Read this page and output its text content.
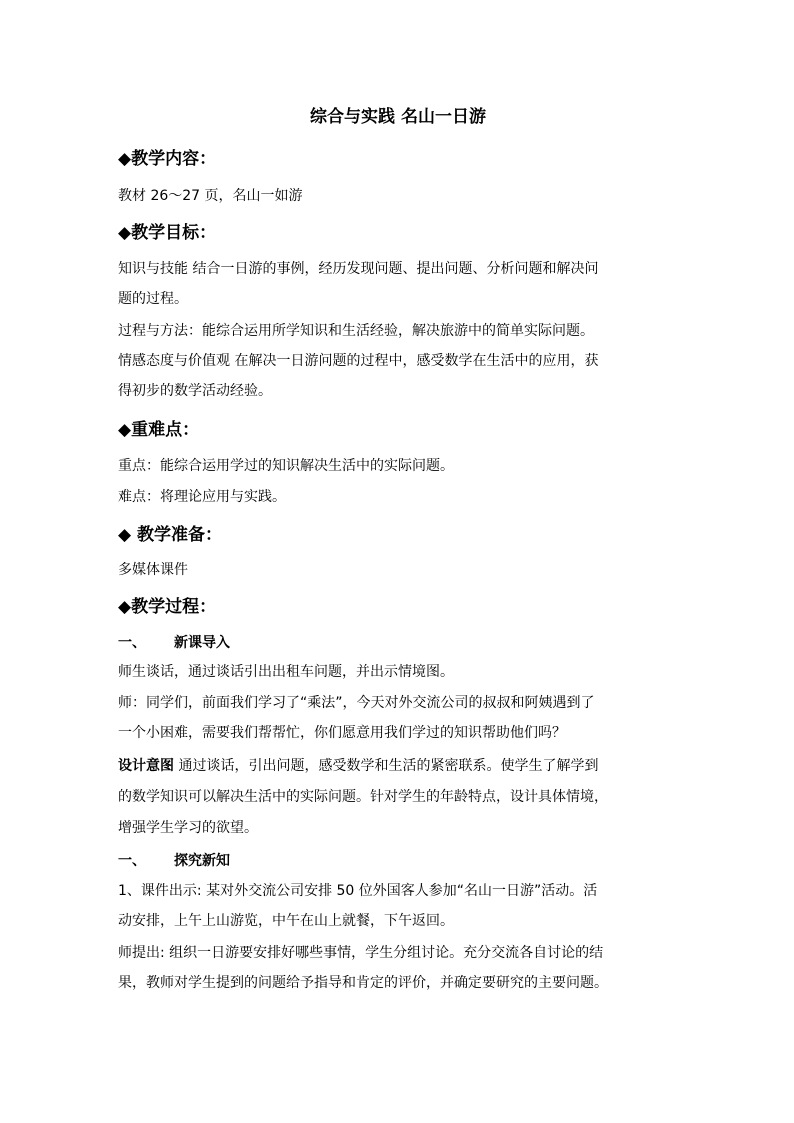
综合与实践 名山一日游
◆教学内容：
教材 26～27 页，名山一如游
◆教学目标：
知识与技能 结合一日游的事例，经历发现问题、提出问题、分析问题和解决问
题的过程。
过程与方法：能综合运用所学知识和生活经验，解决旅游中的简单实际问题。
情感态度与价值观 在解决一日游问题的过程中，感受数学在生活中的应用，获
得初步的数学活动经验。
◆重难点：
重点：能综合运用学过的知识解决生活中的实际问题。
难点：将理论应用与实践。
◆ 教学准备：
多媒体课件
◆教学过程：
一、 新课导入
师生谈话，通过谈话引出出租车问题，并出示情境图。
师：同学们，前面我们学习了“乘法”，今天对外交流公司的叔叔和阿姨遇到了
一个小困难，需要我们帮帮忙，你们愿意用我们学过的知识帮助他们吗？
设计意图 通过谈话，引出问题，感受数学和生活的紧密联系。使学生了解学到
的数学知识可以解决生活中的实际问题。针对学生的年龄特点，设计具体情境，
增强学生学习的欲望。
一、 探究新知
1、课件出示: 某对外交流公司安排 50 位外国客人参加“名山一日游”活动。活
动安排，上午上山游览，中午在山上就餐，下午返回。
师提出: 组织一日游要安排好哪些事情，学生分组讨论。充分交流各自讨论的结
果，教师对学生提到的问题给予指导和肯定的评价，并确定要研究的主要问题。
